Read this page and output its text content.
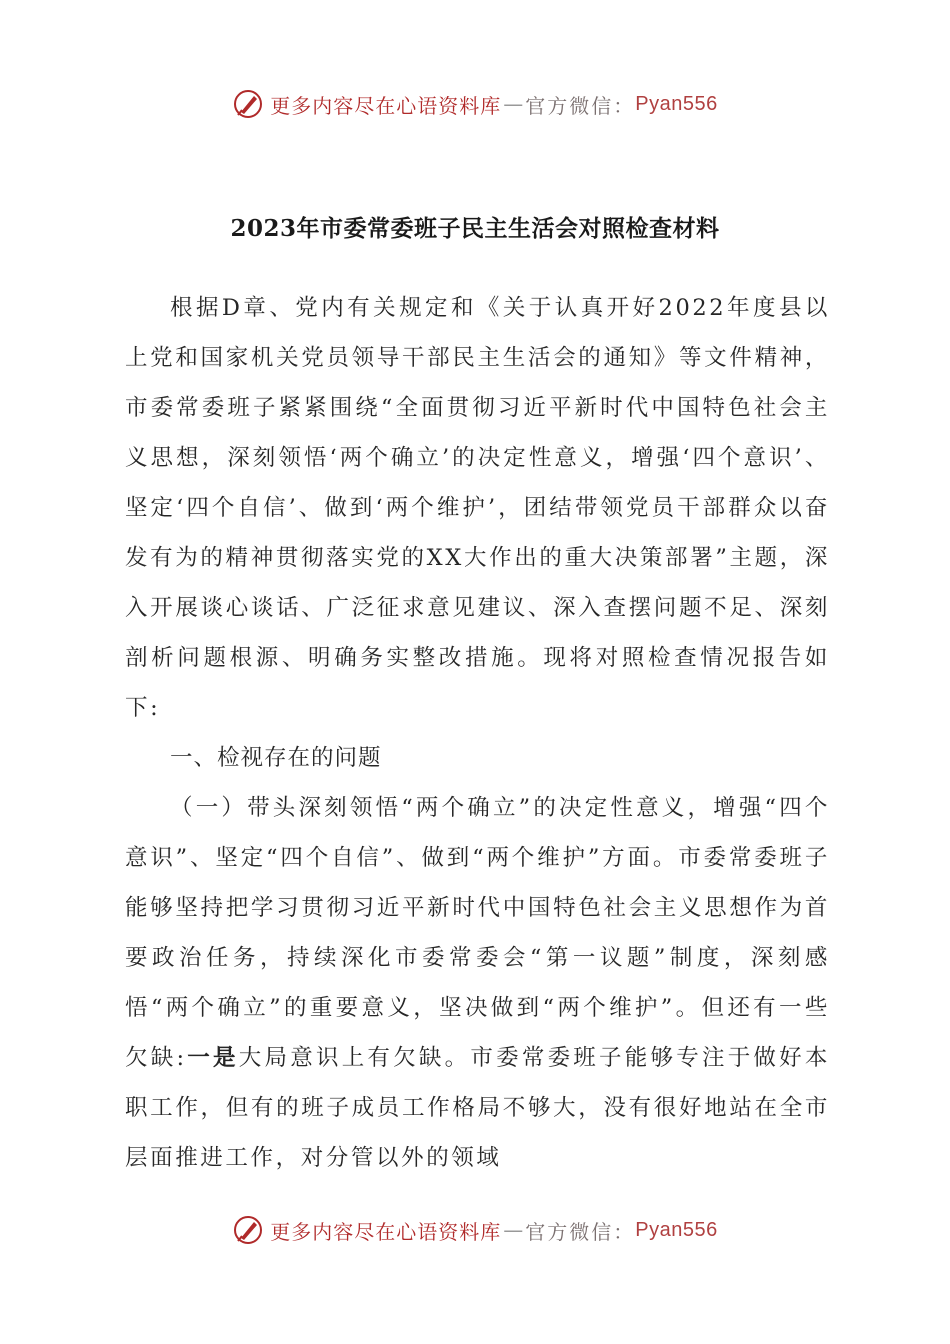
更多内容尽在心语资料库 — 官方微信： Pyan556
2023年市委常委班子民主生活会对照检查材料

根据D章、党内有关规定和《关于认真开好2022年度县以上党和国家机关党员领导干部民主生活会的通知》等文件精神，市委常委班子紧紧围绕“全面贯彻习近平新时代中国特色社会主义思想，深刻领悟‘两个确立’的决定性意义，增强‘四个意识’、坚定‘四个自信’、做到‘两个维护’，团结带领党员干部群众以奋发有为的精神贯彻落实党的XX大作出的重大决策部署”主题，深入开展谈心谈话、广泛征求意见建议、深入查摆问题不足、深刻剖析问题根源、明确务实整改措施。现将对照检查情况报告如下:

一、检视存在的问题

（一）带头深刻领悟“两个确立”的决定性意义，增强“四个意识”、坚定“四个自信”、做到“两个维护”方面。市委常委班子能够坚持把学习贯彻习近平新时代中国特色社会主义思想作为首要政治任务，持续深化市委常委会“第一议题”制度，深刻感悟“两个确立”的重要意义，坚决做到“两个维护”。但还有一些欠缺:一是大局意识上有欠缺。市委常委班子能够专注于做好本职工作，但有的班子成员工作格局不够大，没有很好地站在全市层面推进工作，对分管以外的领域

更多内容尽在心语资料库 — 官方微信： Pyan556
